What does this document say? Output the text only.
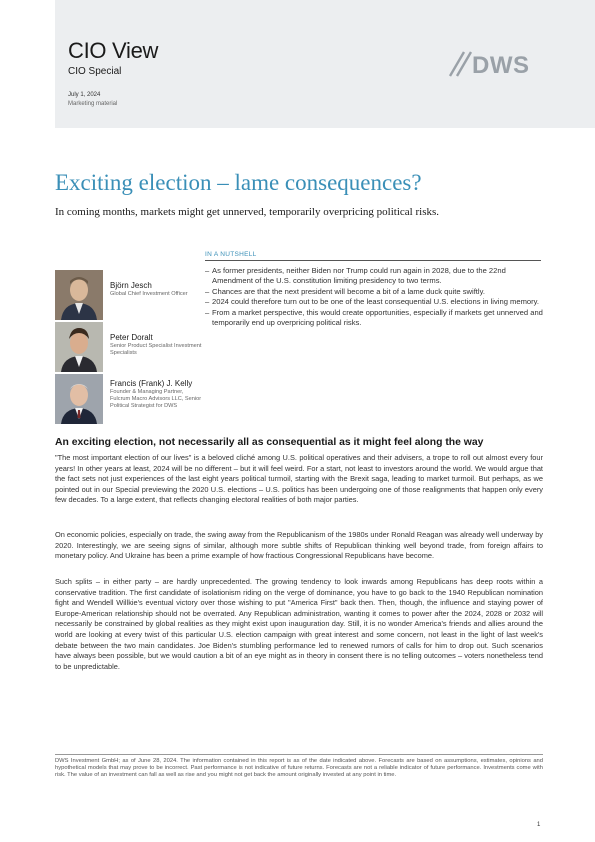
CIO View
CIO Special
July 1, 2024
Marketing material
DWS
Exciting election – lame consequences?
In coming months, markets might get unnerved, temporarily overpricing political risks.
IN A NUTSHELL
– As former presidents, neither Biden nor Trump could run again in 2028, due to the 22nd Amendment of the U.S. constitution limiting presidency to two terms.
– Chances are that the next president will become a bit of a lame duck quite swiftly.
– 2024 could therefore turn out to be one of the least consequential U.S. elections in living memory.
– From a market perspective, this would create opportunities, especially if markets get unnerved and temporarily end up overpricing political risks.
Björn Jesch
Global Chief Investment Officer
Peter Doralt
Senior Product Specialist Investment Specialists
Francis (Frank) J. Kelly
Founder & Managing Partner, Fulcrum Macro Advisors LLC, Senior Political Strategist for DWS
An exciting election, not necessarily all as consequential as it might feel along the way
"The most important election of our lives" is a beloved cliché among U.S. political operatives and their advisers, a trope to roll out almost every four years! In other years at least, 2024 will be no different – but it will feel weird. For a start, not least to investors around the world. We would argue that the fact sets not just experiences of the last eight years political turmoil, starting with the Brexit saga, leading to market turmoil. But perhaps, as we pointed out in our Special previewing the 2020 U.S. elections – U.S. politics has been undergoing one of those realignments that happen only every few decades. To a large extent, that reflects changing electoral realities of both major parties.
On economic policies, especially on trade, the swing away from the Republicanism of the 1980s under Ronald Reagan was already well underway by 2020. Interestingly, we are seeing signs of similar, although more subtle shifts of Republican thinking well beyond trade, from foreign affairs to monetary policy. And Ukraine has been a prime example of how fractious Congressional Republicans have become.
Such splits – in either party – are hardly unprecedented. The growing tendency to look inwards among Republicans has deep roots within a conservative tradition. The first candidate of isolationism riding on the verge of dominance, you have to go back to the 1940 Republican nomination fight and Wendell Willkie's eventual victory over those wishing to put "America First" back then. Then, though, the influence and staying power of Europe-American relationship should not be overrated. Any Republican administration, wanting it comes to power after the 2024, 2028 or 2032 will necessarily be constrained by global realities as they might exist upon inauguration day. Still, it is no wonder America's friends and allies around the world are looking at every twist of this particular U.S. election campaign with great interest and some concern, not least in the light of last week's debate between the two main candidates. Joe Biden's stumbling performance led to renewed rumors of calls for him to drop out. Such scenarios have always been possible, but we would caution a bit of an eye might as in theory in consent there is no telling outcomes – voters nonetheless tend to be unpredictable.
DWS Investment GmbH; as of June 28, 2024. The information contained in this report is as of the date indicated above. Forecasts are based on assumptions, estimates, opinions and hypothetical models that may prove to be incorrect. Past performance is not indicative of future returns. Forecasts are not a reliable indicator of future performance. Investments come with risk. The value of an investment can fall as well as rise and you might not get back the amount originally invested at any point in time.
1
